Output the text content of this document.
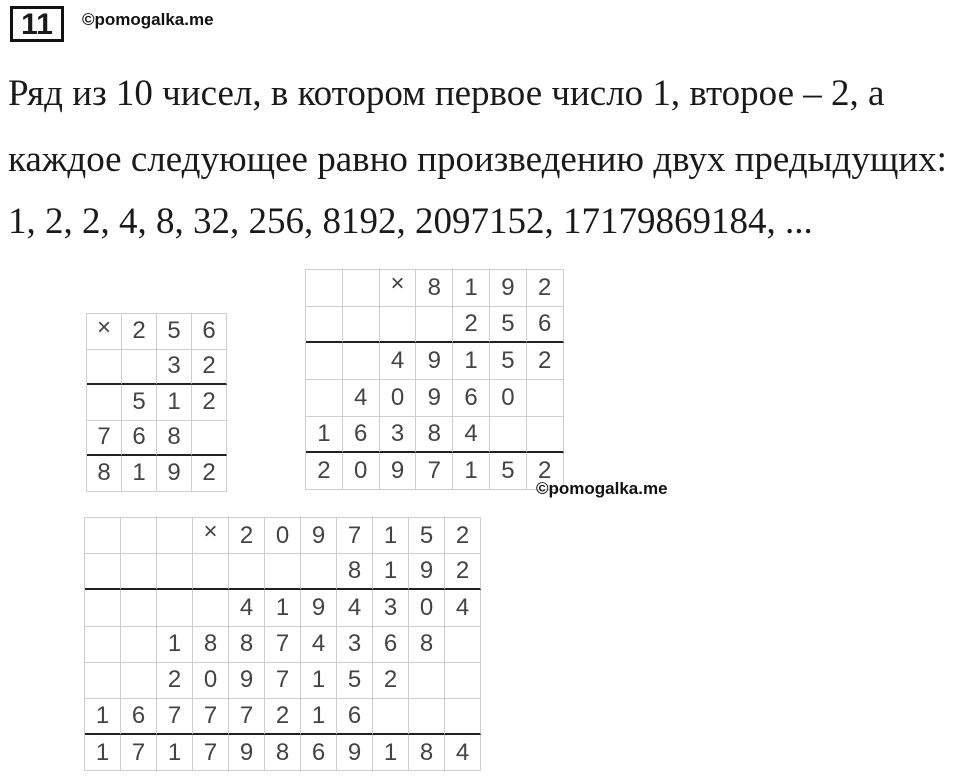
11	©pomogalka.me
Ряд из 10 чисел, в котором первое число 1, второе – 2, а
каждое следующее равно произведению двух предыдущих:
1, 2, 2, 4, 8, 32, 256, 8192, 2097152, 17179869184, ...
× 2 5 6
3 2
5 1 2
7 6 8
8 1 9 2
× 8 1 9 2
2 5 6
4 9 1 5 2
4 0 9 6 0
1 6 3 8 4
2 0 9 7 1 5 2
× 2 0 9 7 1 5 2
8 1 9 2
4 1 9 4 3 0 4
1 8 8 7 4 3 6 8
2 0 9 7 1 5 2
1 6 7 7 7 2 1 6
1 7 1 7 9 8 6 9 1 8 4
©pomogalka.me
